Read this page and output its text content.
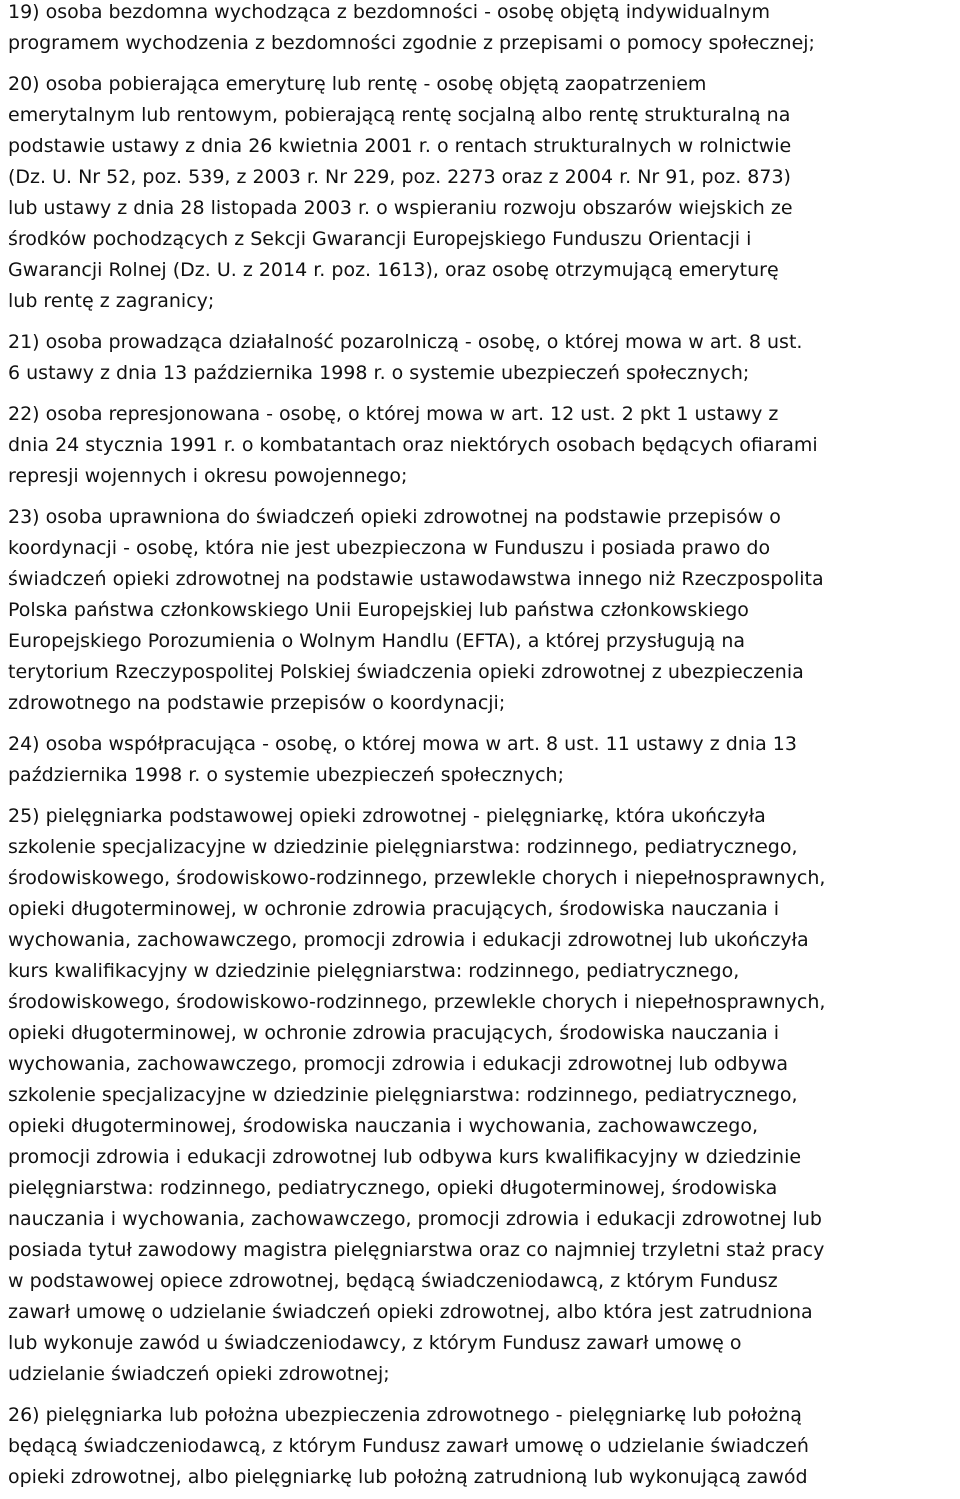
19) osoba bezdomna wychodząca z bezdomności - osobę objętą indywidualnym
programem wychodzenia z bezdomności zgodnie z przepisami o pomocy społecznej;
20) osoba pobierająca emeryturę lub rentę - osobę objętą zaopatrzeniem
emerytalnym lub rentowym, pobierającą rentę socjalną albo rentę strukturalną na
podstawie ustawy z dnia 26 kwietnia 2001 r. o rentach strukturalnych w rolnictwie
(Dz. U. Nr 52, poz. 539, z 2003 r. Nr 229, poz. 2273 oraz z 2004 r. Nr 91, poz. 873)
lub ustawy z dnia 28 listopada 2003 r. o wspieraniu rozwoju obszarów wiejskich ze
środków pochodzących z Sekcji Gwarancji Europejskiego Funduszu Orientacji i
Gwarancji Rolnej (Dz. U. z 2014 r. poz. 1613), oraz osobę otrzymującą emeryturę
lub rentę z zagranicy;
21) osoba prowadząca działalność pozarolniczą - osobę, o której mowa w art. 8 ust.
6 ustawy z dnia 13 października 1998 r. o systemie ubezpieczeń społecznych;
22) osoba represjonowana - osobę, o której mowa w art. 12 ust. 2 pkt 1 ustawy z
dnia 24 stycznia 1991 r. o kombatantach oraz niektórych osobach będących ofiarami
represji wojennych i okresu powojennego;
23) osoba uprawniona do świadczeń opieki zdrowotnej na podstawie przepisów o
koordynacji - osobę, która nie jest ubezpieczona w Funduszu i posiada prawo do
świadczeń opieki zdrowotnej na podstawie ustawodawstwa innego niż Rzeczpospolita
Polska państwa członkowskiego Unii Europejskiej lub państwa członkowskiego
Europejskiego Porozumienia o Wolnym Handlu (EFTA), a której przysługują na
terytorium Rzeczypospolitej Polskiej świadczenia opieki zdrowotnej z ubezpieczenia
zdrowotnego na podstawie przepisów o koordynacji;
24) osoba współpracująca - osobę, o której mowa w art. 8 ust. 11 ustawy z dnia 13
października 1998 r. o systemie ubezpieczeń społecznych;
25) pielęgniarka podstawowej opieki zdrowotnej - pielęgniarkę, która ukończyła
szkolenie specjalizacyjne w dziedzinie pielęgniarstwa: rodzinnego, pediatrycznego,
środowiskowego, środowiskowo-rodzinnego, przewlekle chorych i niepełnosprawnych,
opieki długoterminowej, w ochronie zdrowia pracujących, środowiska nauczania i
wychowania, zachowawczego, promocji zdrowia i edukacji zdrowotnej lub ukończyła
kurs kwalifikacyjny w dziedzinie pielęgniarstwa: rodzinnego, pediatrycznego,
środowiskowego, środowiskowo-rodzinnego, przewlekle chorych i niepełnosprawnych,
opieki długoterminowej, w ochronie zdrowia pracujących, środowiska nauczania i
wychowania, zachowawczego, promocji zdrowia i edukacji zdrowotnej lub odbywa
szkolenie specjalizacyjne w dziedzinie pielęgniarstwa: rodzinnego, pediatrycznego,
opieki długoterminowej, środowiska nauczania i wychowania, zachowawczego,
promocji zdrowia i edukacji zdrowotnej lub odbywa kurs kwalifikacyjny w dziedzinie
pielęgniarstwa: rodzinnego, pediatrycznego, opieki długoterminowej, środowiska
nauczania i wychowania, zachowawczego, promocji zdrowia i edukacji zdrowotnej lub
posiada tytuł zawodowy magistra pielęgniarstwa oraz co najmniej trzyletni staż pracy
w podstawowej opiece zdrowotnej, będącą świadczeniodawcą, z którym Fundusz
zawarł umowę o udzielanie świadczeń opieki zdrowotnej, albo która jest zatrudniona
lub wykonuje zawód u świadczeniodawcy, z którym Fundusz zawarł umowę o
udzielanie świadczeń opieki zdrowotnej;
26) pielęgniarka lub położna ubezpieczenia zdrowotnego - pielęgniarkę lub położną
będącą świadczeniodawcą, z którym Fundusz zawarł umowę o udzielanie świadczeń
opieki zdrowotnej, albo pielęgniarkę lub położną zatrudnioną lub wykonującą zawód
